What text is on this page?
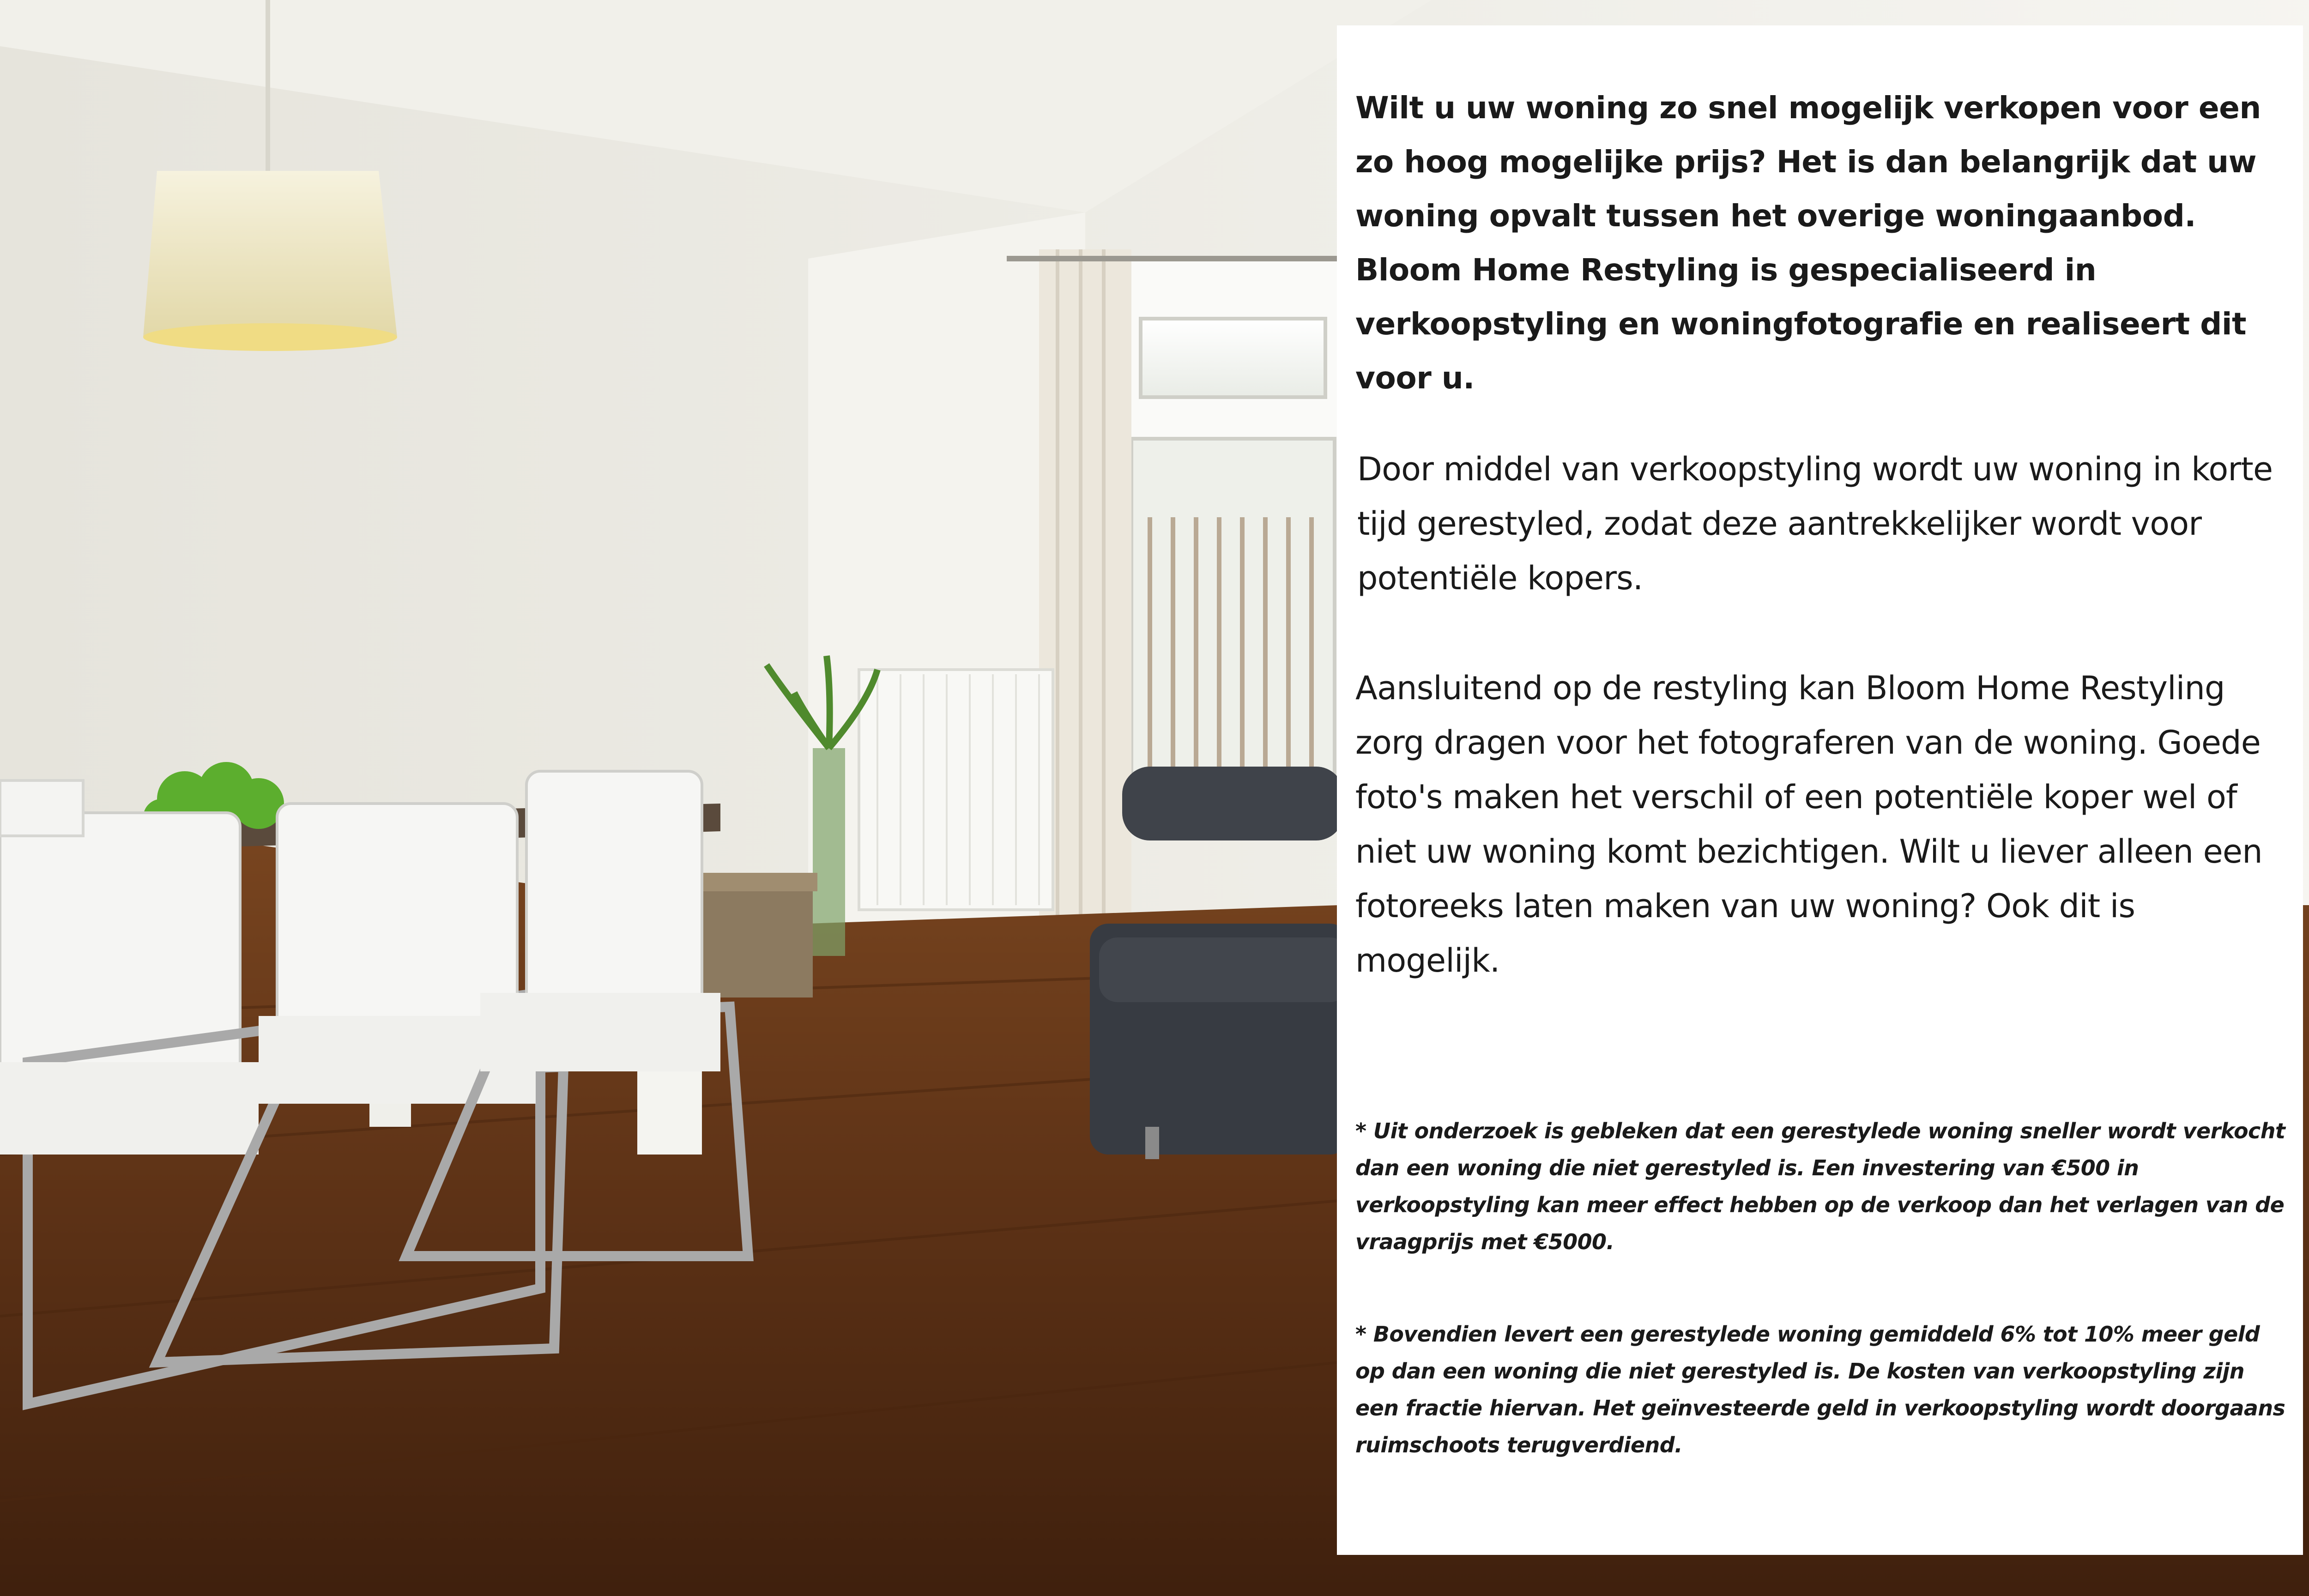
Wilt u uw woning zo snel mogelijk verkopen voor een zo hoog mogelijke prijs? Het is dan belangrijk dat uw woning opvalt tussen het overige woningaanbod. Bloom Home Restyling is gespecialiseerd in verkoopstyling en woningfotografie en realiseert dit voor u.

Door middel van verkoopstyling wordt uw woning in korte tijd gerestyled, zodat deze aantrekkelijker wordt voor potentiële kopers.

Aansluitend op de restyling kan Bloom Home Restyling zorg dragen voor het fotograferen van de woning. Goede foto's maken het verschil of een potentiële koper wel of niet uw woning komt bezichtigen. Wilt u liever alleen een fotoreeks laten maken van uw woning? Ook dit is mogelijk.

* Uit onderzoek is gebleken dat een gerestylede woning sneller wordt verkocht dan een woning die niet gerestyled is. Een investering van €500 in verkoopstyling kan meer effect hebben op de verkoop dan het verlagen van de vraagprijs met €5000.

* Bovendien levert een gerestylede woning gemiddeld 6% tot 10% meer geld op dan een woning die niet gerestyled is. De kosten van verkoopstyling zijn een fractie hiervan. Het geïnvesteerde geld in verkoopstyling wordt doorgaans ruimschoots terugverdiend.
